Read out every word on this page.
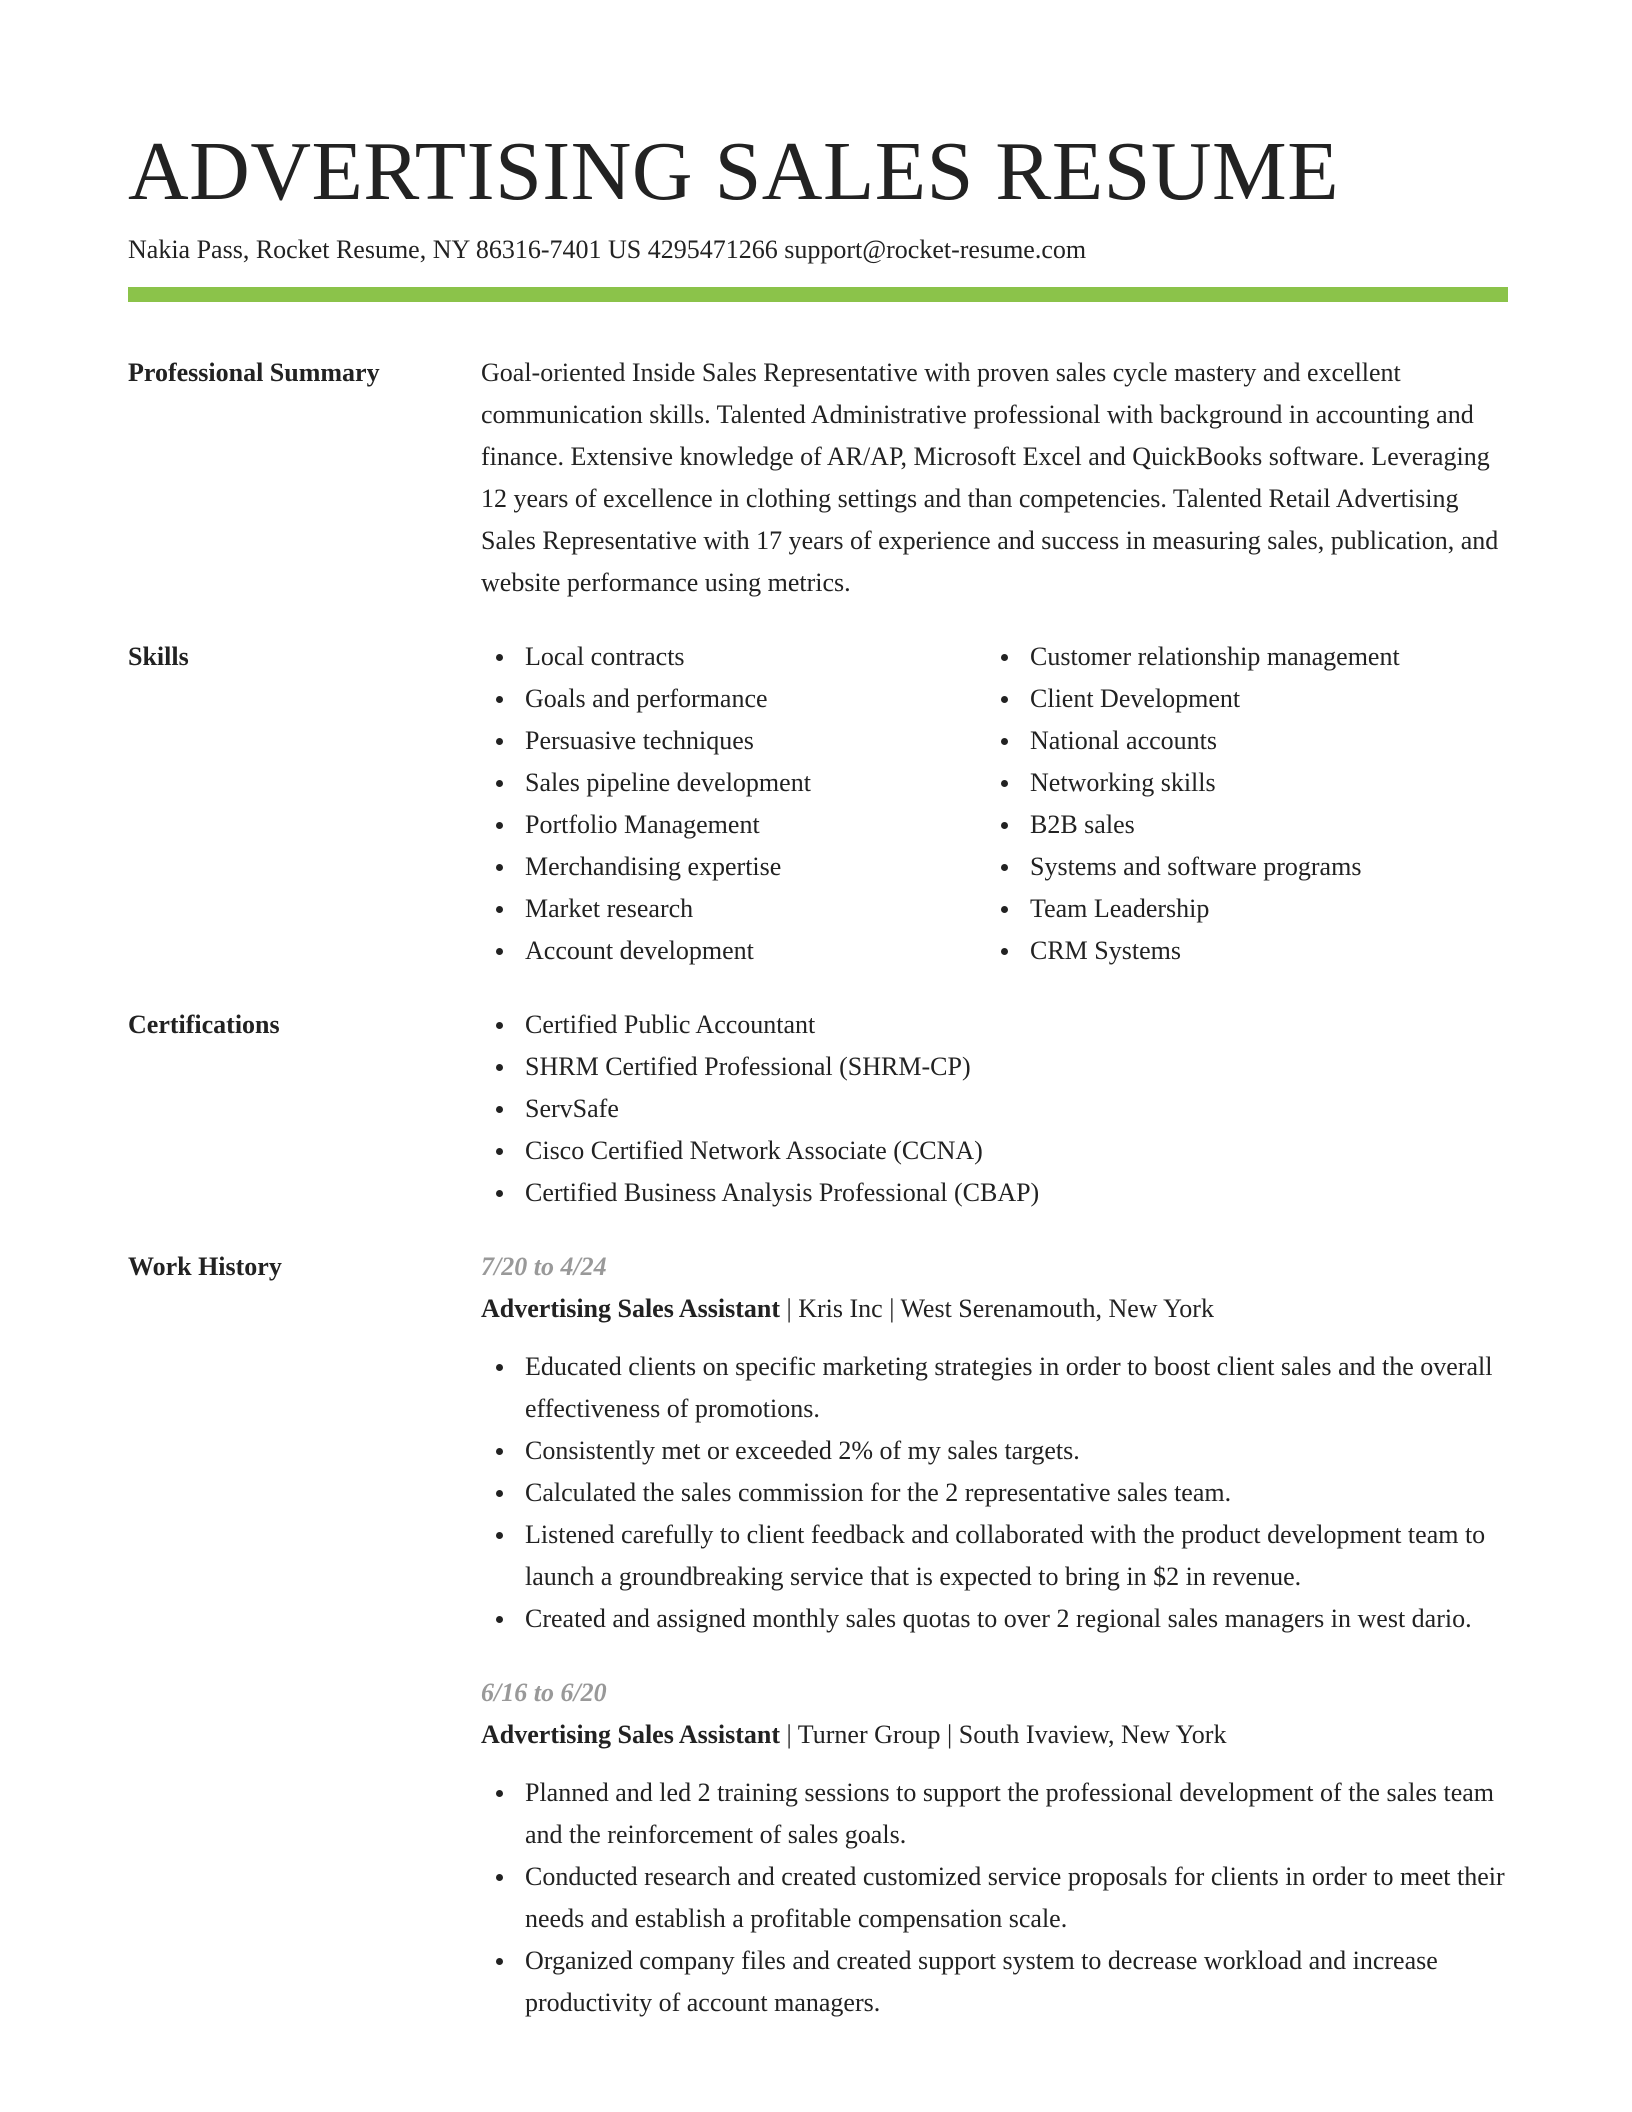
ADVERTISING SALES RESUME
Nakia Pass, Rocket Resume, NY 86316-7401 US 4295471266 support@rocket-resume.com
Professional Summary	Goal-oriented Inside Sales Representative with proven sales cycle mastery and excellent communication skills. Talented Administrative professional with background in accounting and finance. Extensive knowledge of AR/AP, Microsoft Excel and QuickBooks software. Leveraging 12 years of excellence in clothing settings and than competencies. Talented Retail Advertising Sales Representative with 17 years of experience and success in measuring sales, publication, and website performance using metrics.

Skills	Local contracts
Goals and performance
Persuasive techniques
Sales pipeline development
Portfolio Management
Merchandising expertise
Market research
Account development
Customer relationship management
Client Development
National accounts
Networking skills
B2B sales
Systems and software programs
Team Leadership
CRM Systems
Certifications	Certified Public Accountant
SHRM Certified Professional (SHRM-CP)
ServSafe
Cisco Certified Network Associate (CCNA)
Certified Business Analysis Professional (CBAP)
Work History	7/20 to 4/24
Advertising Sales Assistant | Kris Inc | West Serenamouth, New York
Educated clients on specific marketing strategies in order to boost client sales and the overall effectiveness of promotions.
Consistently met or exceeded 2% of my sales targets.
Calculated the sales commission for the 2 representative sales team.
Listened carefully to client feedback and collaborated with the product development team to launch a groundbreaking service that is expected to bring in $2 in revenue.
Created and assigned monthly sales quotas to over 2 regional sales managers in west dario.
6/16 to 6/20
Advertising Sales Assistant | Turner Group | South Ivaview, New York
Planned and led 2 training sessions to support the professional development of the sales team and the reinforcement of sales goals.
Conducted research and created customized service proposals for clients in order to meet their needs and establish a profitable compensation scale.
Organized company files and created support system to decrease workload and increase productivity of account managers.
